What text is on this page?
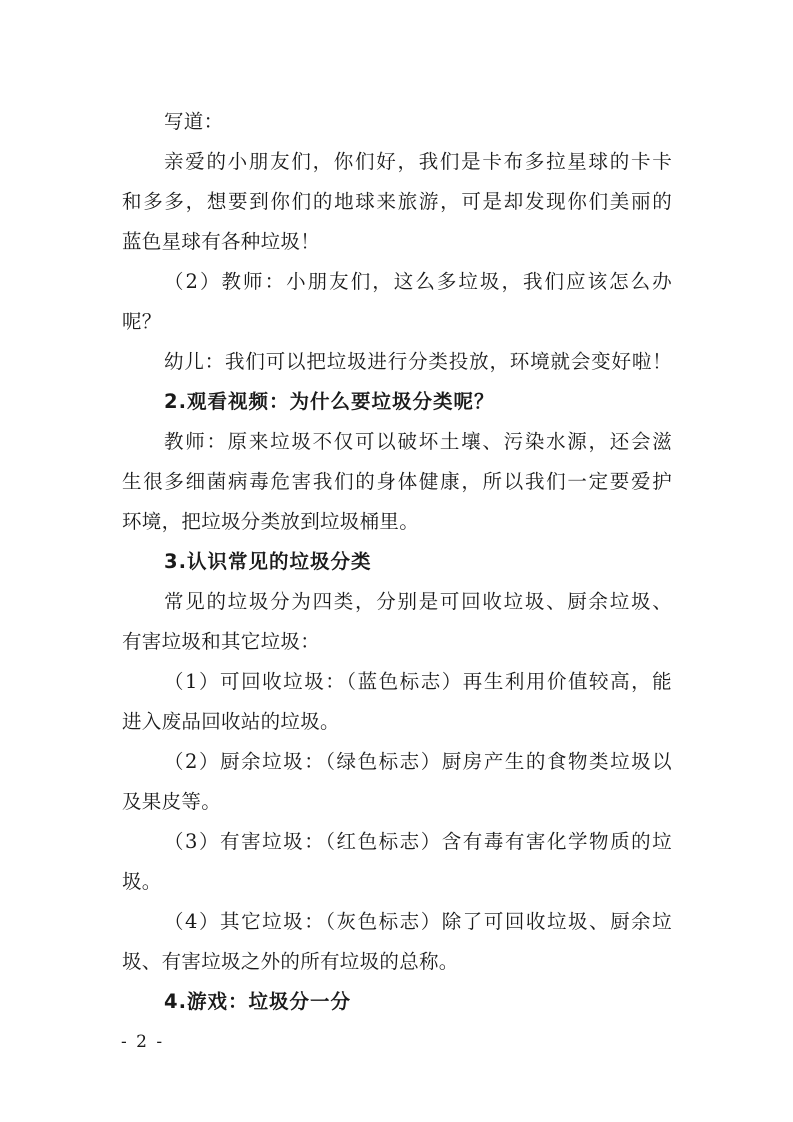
写道：
亲爱的小朋友们，你们好，我们是卡布多拉星球的卡卡
和多多，想要到你们的地球来旅游，可是却发现你们美丽的
蓝色星球有各种垃圾！
（2）教师：小朋友们，这么多垃圾，我们应该怎么办
呢？
幼儿：我们可以把垃圾进行分类投放，环境就会变好啦！
2.观看视频：为什么要垃圾分类呢？
教师：原来垃圾不仅可以破坏土壤、污染水源，还会滋
生很多细菌病毒危害我们的身体健康，所以我们一定要爱护
环境，把垃圾分类放到垃圾桶里。
3.认识常见的垃圾分类
常见的垃圾分为四类，分别是可回收垃圾、厨余垃圾、
有害垃圾和其它垃圾：
（1）可回收垃圾：（蓝色标志）再生利用价值较高，能
进入废品回收站的垃圾。
（2）厨余垃圾：（绿色标志）厨房产生的食物类垃圾以
及果皮等。
（3）有害垃圾：（红色标志）含有毒有害化学物质的垃
圾。
（4）其它垃圾：（灰色标志）除了可回收垃圾、厨余垃
圾、有害垃圾之外的所有垃圾的总称。
4.游戏：垃圾分一分
- 2 -
